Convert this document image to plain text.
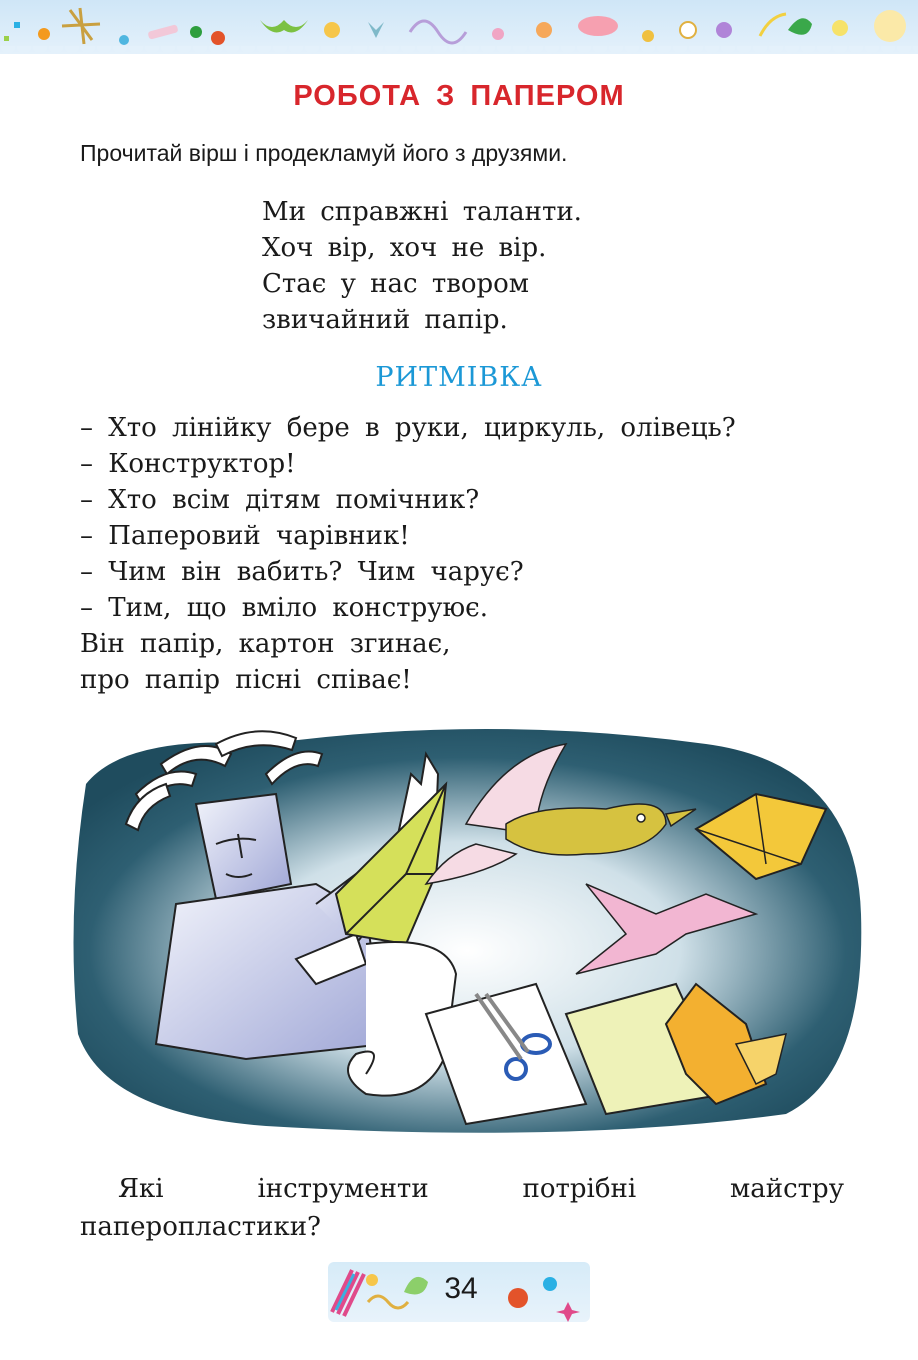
РОБОТА З ПАПЕРОМ
Прочитай вірш і продекламуй його з друзями.
Ми справжні таланти.
Хоч вір, хоч не вір.
Стає у нас твором
звичайний папір.
РИТМІВКА
– Хто лінійку бере в руки, циркуль, олівець?
– Конструктор!
– Хто всім дітям помічник?
– Паперовий чарівник!
– Чим він вабить? Чим чарує?
– Тим, що вміло конструює.
Він папір, картон згинає,
про папір пісні співає!
Які інструменти потрібні майстру паперопластики?
34
